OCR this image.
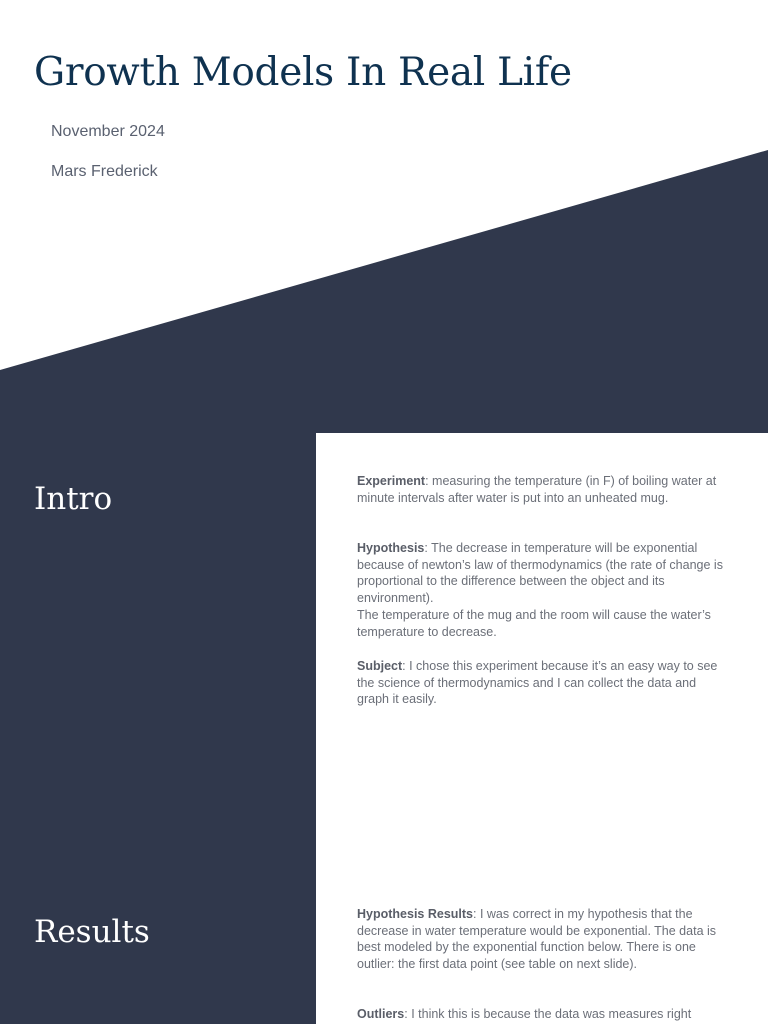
Growth Models In Real Life

November 2024

Mars Frederick

Intro
Results

Experiment: measuring the temperature (in F) of boiling water at minute intervals after water is put into an unheated mug.

Hypothesis: The decrease in temperature will be exponential because of newton’s law of thermodynamics (the rate of change is proportional to the difference between the object and its environment).
The temperature of the mug and the room will cause the water’s temperature to decrease.

Subject: I chose this experiment because it’s an easy way to see the science of thermodynamics and I can collect the data and graph it easily.

Hypothesis Results: I was correct in my hypothesis that the decrease in water temperature would be exponential. The data is best modeled by the exponential function below. There is one outlier: the first data point (see table on next slide).

Outliers: I think this is because the data was measures right
